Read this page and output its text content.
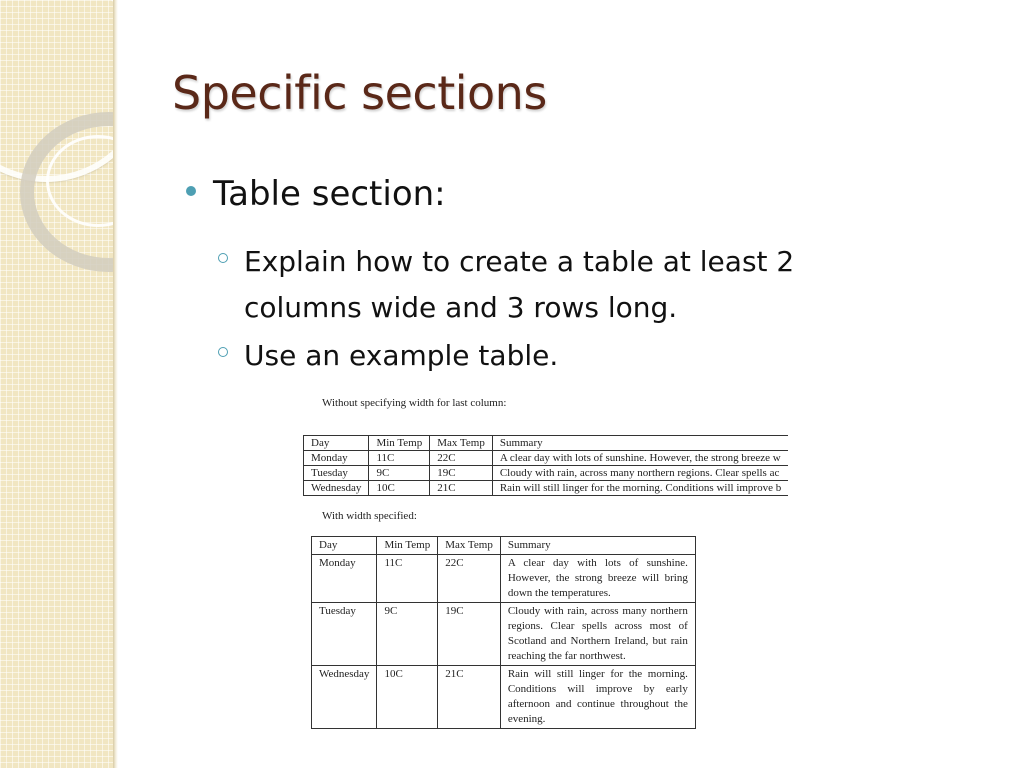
Specific sections
Table section:
Explain how to create a table at least 2 columns wide and 3 rows long.
Use an example table.
Without specifying width for last column:
Day	Min Temp	Max Temp	Summary
Monday	11C	22C	A clear day with lots of sunshine. However, the strong breeze w
Tuesday	9C	19C	Cloudy with rain, across many northern regions. Clear spells ac
Wednesday	10C	21C	Rain will still linger for the morning. Conditions will improve b
With width specified:
Day	Min Temp	Max Temp	Summary
Monday	11C	22C	A clear day with lots of sunshine. However, the strong breeze will bring down the temperatures.
Tuesday	9C	19C	Cloudy with rain, across many northern regions. Clear spells across most of Scotland and Northern Ireland, but rain reaching the far northwest.
Wednesday	10C	21C	Rain will still linger for the morning. Conditions will improve by early afternoon and continue throughout the evening.
